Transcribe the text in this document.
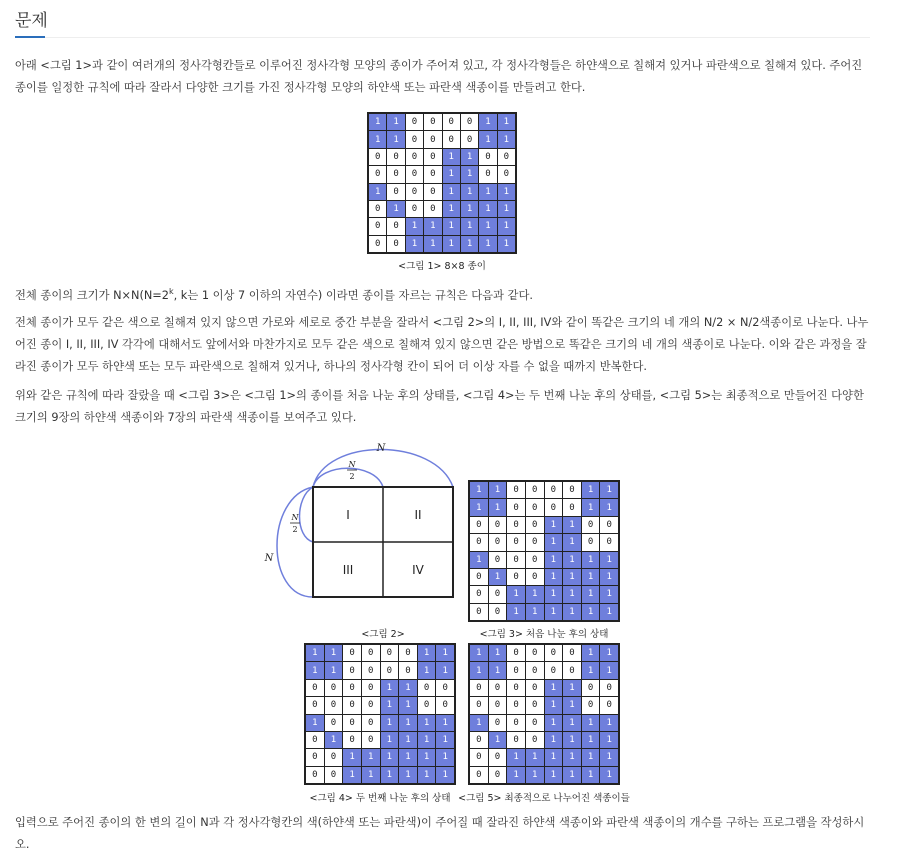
문제
아래 <그림 1>과 같이 여러개의 정사각형칸들로 이루어진 정사각형 모양의 종이가 주어져 있고, 각 정사각형들은 하얀색으로 칠해져 있거나 파란색으로 칠해져 있다. 주어진 종이를 일정한 규칙에 따라 잘라서 다양한 크기를 가진 정사각형 모양의 하얀색 또는 파란색 색종이를 만들려고 한다.
1	1	0	0	0	0	1	1
1	1	0	0	0	0	1	1
0	0	0	0	1	1	0	0
0	0	0	0	1	1	0	0
1	0	0	0	1	1	1	1
0	1	0	0	1	1	1	1
0	0	1	1	1	1	1	1
0	0	1	1	1	1	1	1
<그림 1> 8×8 종이
전체 종이의 크기가 $N\times N(N=2^k$, k는 1 이상 7 이하의 자연수) 이라면 종이를 자르는 규칙은 다음과 같다.
전체 종이가 모두 같은 색으로 칠해져 있지 않으면 가로와 세로로 중간 부분을 잘라서 <그림 2>의 I, II, III, IV와 같이 똑같은 크기의 네 개의 N/2 × N/2색종이로 나눈다. 나누어진 종이 I, II, III, IV 각각에 대해서도 앞에서와 마찬가지로 모두 같은 색으로 칠해져 있지 않으면 같은 방법으로 똑같은 크기의 네 개의 색종이로 나눈다. 이와 같은 과정을 잘라진 종이가 모두 하얀색 또는 모두 파란색으로 칠해져 있거나, 하나의 정사각형 칸이 되어 더 이상 자를 수 없을 때까지 반복한다.
위와 같은 규칙에 따라 잘랐을 때 <그림 3>은 <그림 1>의 종이를 처음 나눈 후의 상태를, <그림 4>는 두 번째 나눈 후의 상태를, <그림 5>는 최종적으로 만들어진 다양한 크기의 9장의 하얀색 색종이와 7장의 파란색 색종이를 보여주고 있다.
N
N
N
2
N
2
I	II
III	IV
<그림 2>
1	1	0	0	0	0	1	1
1	1	0	0	0	0	1	1
0	0	0	0	1	1	0	0
0	0	0	0	1	1	0	0
1	0	0	0	1	1	1	1
0	1	0	0	1	1	1	1
0	0	1	1	1	1	1	1
0	0	1	1	1	1	1	1
<그림 3> 처음 나눈 후의 상태
1	1	0	0	0	0	1	1
1	1	0	0	0	0	1	1
0	0	0	0	1	1	0	0
0	0	0	0	1	1	0	0
1	0	0	0	1	1	1	1
0	1	0	0	1	1	1	1
0	0	1	1	1	1	1	1
0	0	1	1	1	1	1	1
<그림 4> 두 번째 나눈 후의 상태
1	1	0	0	0	0	1	1
1	1	0	0	0	0	1	1
0	0	0	0	1	1	0	0
0	0	0	0	1	1	0	0
1	0	0	0	1	1	1	1
0	1	0	0	1	1	1	1
0	0	1	1	1	1	1	1
0	0	1	1	1	1	1	1
<그림 5> 최종적으로 나누어진 색종이들
입력으로 주어진 종이의 한 변의 길이 N과 각 정사각형칸의 색(하얀색 또는 파란색)이 주어질 때 잘라진 하얀색 색종이와 파란색 색종이의 개수를 구하는 프로그램을 작성하시오.
